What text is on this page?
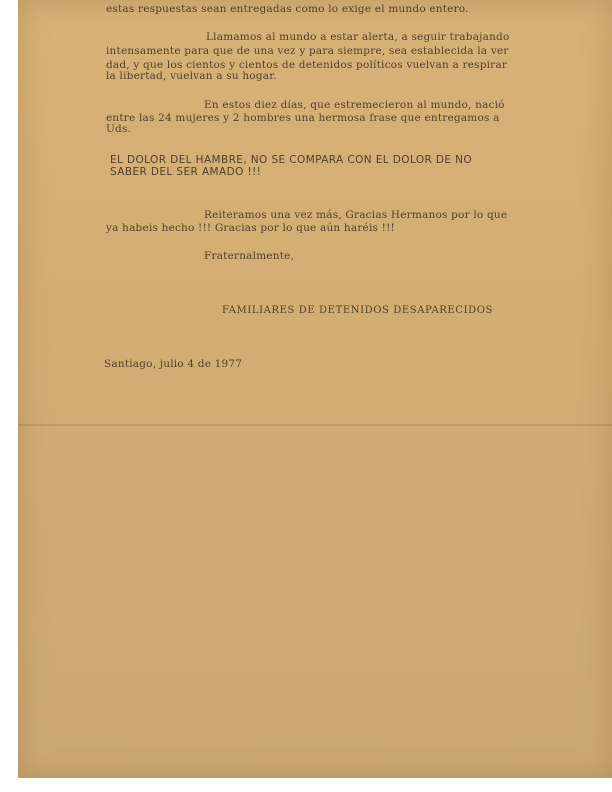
estas respuestas sean entregadas como lo exige el mundo entero.
Llamamos al mundo a estar alerta, a seguir trabajando
intensamente para que de una vez y para siempre, sea establecida la ver
dad, y que los cientos y cientos de detenidos políticos vuelvan a respirar
la libertad, vuelvan a su hogar.
En estos diez días, que estremecieron al mundo, nació
entre las 24 mujeres y 2 hombres una hermosa frase que entregamos a
Uds.
EL DOLOR DEL HAMBRE, NO SE COMPARA CON EL DOLOR DE NO
SABER DEL SER AMADO !!!
Reiteramos una vez más, Gracias Hermanos por lo que
ya habeis hecho !!! Gracias por lo que aún haréis !!!
Fraternalmente,
FAMILIARES DE DETENIDOS DESAPARECIDOS
Santiago, julio 4 de 1977
